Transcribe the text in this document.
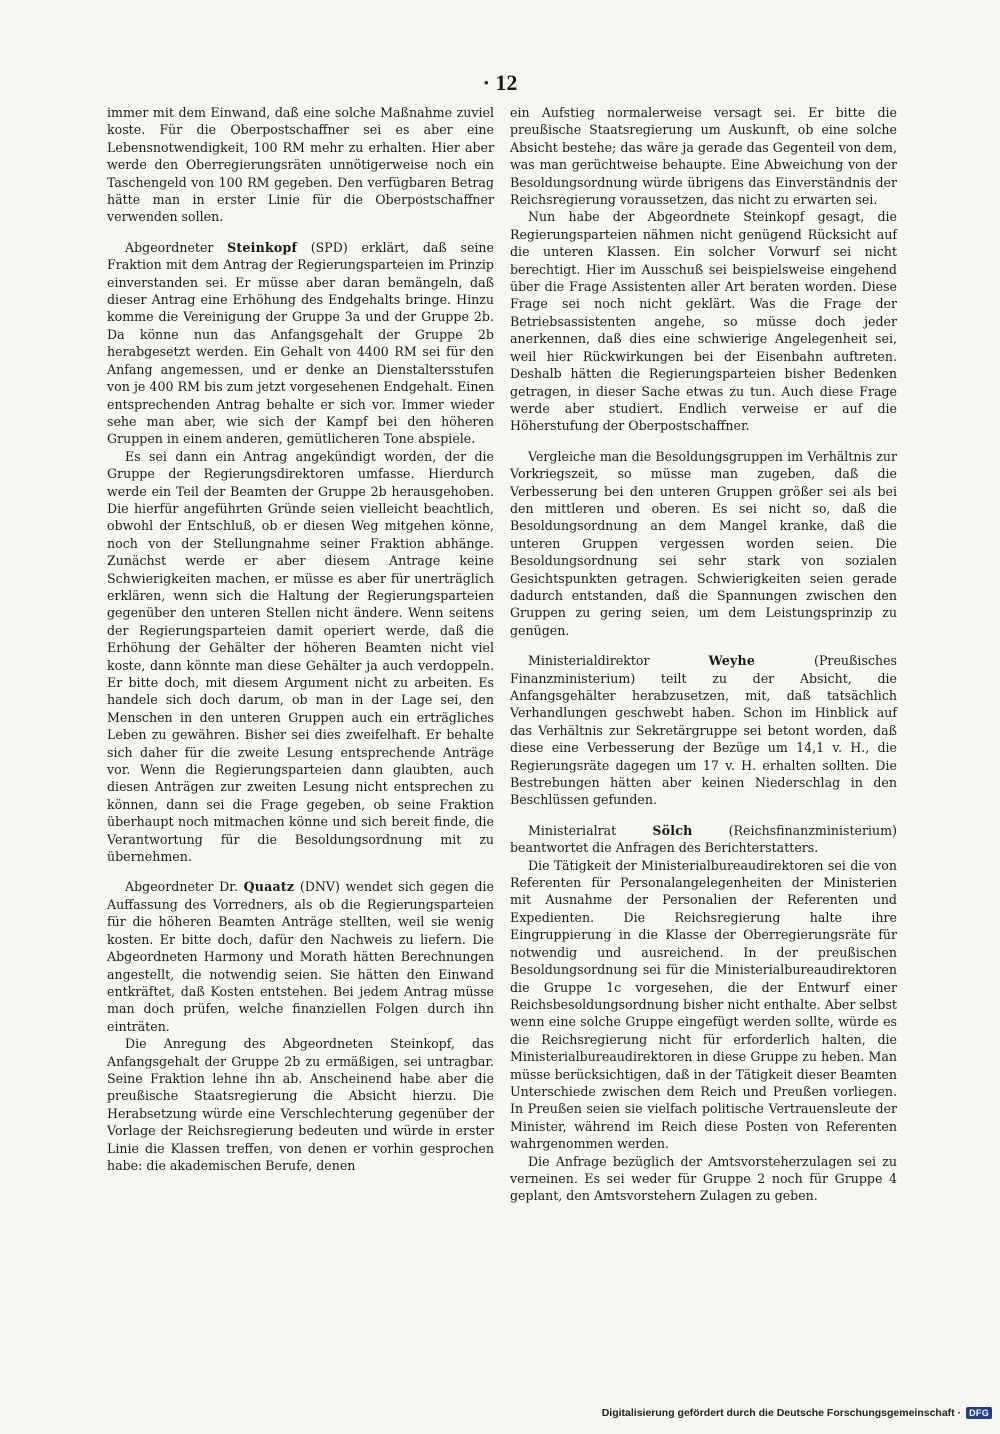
· 12

immer mit dem Einwand, daß eine solche Maßnahme zuviel koste. Für die Oberpostschaffner sei es aber eine Lebensnotwendigkeit, 100 RM mehr zu erhalten. Hier aber werde den Oberregierungsräten unnötigerweise noch ein Taschengeld von 100 RM gegeben. Den verfügbaren Betrag hätte man in erster Linie für die Oberpostschaffner verwenden sollen.

Abgeordneter Steinkopf (SPD) erklärt, daß seine Fraktion mit dem Antrag der Regierungsparteien im Prinzip einverstanden sei. Er müsse aber daran bemängeln, daß dieser Antrag eine Erhöhung des Endgehalts bringe. Hinzu komme die Vereinigung der Gruppe 3a und der Gruppe 2b. Da könne nun das Anfangsgehalt der Gruppe 2b herabgesetzt werden. Ein Gehalt von 4400 RM sei für den Anfang angemessen, und er denke an Dienstaltersstufen von je 400 RM bis zum jetzt vorgesehenen Endgehalt. Einen entsprechenden Antrag behalte er sich vor. Immer wieder sehe man aber, wie sich der Kampf bei den höheren Gruppen in einem anderen, gemütlicheren Tone abspiele.

Es sei dann ein Antrag angekündigt worden, der die Gruppe der Regierungsdirektoren umfasse. Hierdurch werde ein Teil der Beamten der Gruppe 2b herausgehoben. Die hierfür angeführten Gründe seien vielleicht beachtlich, obwohl der Entschluß, ob er diesen Weg mitgehen könne, noch von der Stellungnahme seiner Fraktion abhänge. Zunächst werde er aber diesem Antrage keine Schwierigkeiten machen, er müsse es aber für unerträglich erklären, wenn sich die Haltung der Regierungsparteien gegenüber den unteren Stellen nicht ändere. Wenn seitens der Regierungsparteien damit operiert werde, daß die Erhöhung der Gehälter der höheren Beamten nicht viel koste, dann könnte man diese Gehälter ja auch verdoppeln. Er bitte doch, mit diesem Argument nicht zu arbeiten. Es handele sich doch darum, ob man in der Lage sei, den Menschen in den unteren Gruppen auch ein erträgliches Leben zu gewähren. Bisher sei dies zweifelhaft. Er behalte sich daher für die zweite Lesung entsprechende Anträge vor. Wenn die Regierungsparteien dann glaubten, auch diesen Anträgen zur zweiten Lesung nicht entsprechen zu können, dann sei die Frage gegeben, ob seine Fraktion überhaupt noch mitmachen könne und sich bereit finde, die Verantwortung für die Besoldungsordnung mit zu übernehmen.

Abgeordneter Dr. Quaatz (DNV) wendet sich gegen die Auffassung des Vorredners, als ob die Regierungsparteien für die höheren Beamten Anträge stellten, weil sie wenig kosten. Er bitte doch, dafür den Nachweis zu liefern. Die Abgeordneten Harmony und Morath hätten Berechnungen angestellt, die notwendig seien. Sie hätten den Einwand entkräftet, daß Kosten entstehen. Bei jedem Antrag müsse man doch prüfen, welche finanziellen Folgen durch ihn einträten.

Die Anregung des Abgeordneten Steinkopf, das Anfangsgehalt der Gruppe 2b zu ermäßigen, sei untragbar. Seine Fraktion lehne ihn ab. Anscheinend habe aber die preußische Staatsregierung die Absicht hierzu. Die Herabsetzung würde eine Verschlechterung gegenüber der Vorlage der Reichsregierung bedeuten und würde in erster Linie die Klassen treffen, von denen er vorhin gesprochen habe: die akademischen Berufe, denen

ein Aufstieg normalerweise versagt sei. Er bitte die preußische Staatsregierung um Auskunft, ob eine solche Absicht bestehe; das wäre ja gerade das Gegenteil von dem, was man gerüchtweise behaupte. Eine Abweichung von der Besoldungsordnung würde übrigens das Einverständnis der Reichsregierung voraussetzen, das nicht zu erwarten sei.

Nun habe der Abgeordnete Steinkopf gesagt, die Regierungsparteien nähmen nicht genügend Rücksicht auf die unteren Klassen. Ein solcher Vorwurf sei nicht berechtigt. Hier im Ausschuß sei beispielsweise eingehend über die Frage Assistenten aller Art beraten worden. Diese Frage sei noch nicht geklärt. Was die Frage der Betriebsassistenten angehe, so müsse doch jeder anerkennen, daß dies eine schwierige Angelegenheit sei, weil hier Rückwirkungen bei der Eisenbahn auftreten. Deshalb hätten die Regierungsparteien bisher Bedenken getragen, in dieser Sache etwas zu tun. Auch diese Frage werde aber studiert. Endlich verweise er auf die Höherstufung der Oberpostschaffner.

Vergleiche man die Besoldungsgruppen im Verhältnis zur Vorkriegszeit, so müsse man zugeben, daß die Verbesserung bei den unteren Gruppen größer sei als bei den mittleren und oberen. Es sei nicht so, daß die Besoldungsordnung an dem Mangel kranke, daß die unteren Gruppen vergessen worden seien. Die Besoldungsordnung sei sehr stark von sozialen Gesichtspunkten getragen. Schwierigkeiten seien gerade dadurch entstanden, daß die Spannungen zwischen den Gruppen zu gering seien, um dem Leistungsprinzip zu genügen.

Ministerialdirektor Weyhe (Preußisches Finanzministerium) teilt zu der Absicht, die Anfangsgehälter herabzusetzen, mit, daß tatsächlich Verhandlungen geschwebt haben. Schon im Hinblick auf das Verhältnis zur Sekretärgruppe sei betont worden, daß diese eine Verbesserung der Bezüge um 14,1 v. H., die Regierungsräte dagegen um 17 v. H. erhalten sollten. Die Bestrebungen hätten aber keinen Niederschlag in den Beschlüssen gefunden.

Ministerialrat Sölch (Reichsfinanzministerium) beantwortet die Anfragen des Berichterstatters.

Die Tätigkeit der Ministerialbureaudirektoren sei die von Referenten für Personalangelegenheiten der Ministerien mit Ausnahme der Personalien der Referenten und Expedienten. Die Reichsregierung halte ihre Eingruppierung in die Klasse der Oberregierungsräte für notwendig und ausreichend. In der preußischen Besoldungsordnung sei für die Ministerialbureaudirektoren die Gruppe 1c vorgesehen, die der Entwurf einer Reichsbesoldungsordnung bisher nicht enthalte. Aber selbst wenn eine solche Gruppe eingefügt werden sollte, würde es die Reichsregierung nicht für erforderlich halten, die Ministerialbureaudirektoren in diese Gruppe zu heben. Man müsse berücksichtigen, daß in der Tätigkeit dieser Beamten Unterschiede zwischen dem Reich und Preußen vorliegen. In Preußen seien sie vielfach politische Vertrauensleute der Minister, während im Reich diese Posten von Referenten wahrgenommen werden.

Die Anfrage bezüglich der Amtsvorsteherzulagen sei zu verneinen. Es sei weder für Gruppe 2 noch für Gruppe 4 geplant, den Amtsvorstehern Zulagen zu geben.

Digitalisierung gefördert durch die Deutsche Forschungsgemeinschaft · DFG
